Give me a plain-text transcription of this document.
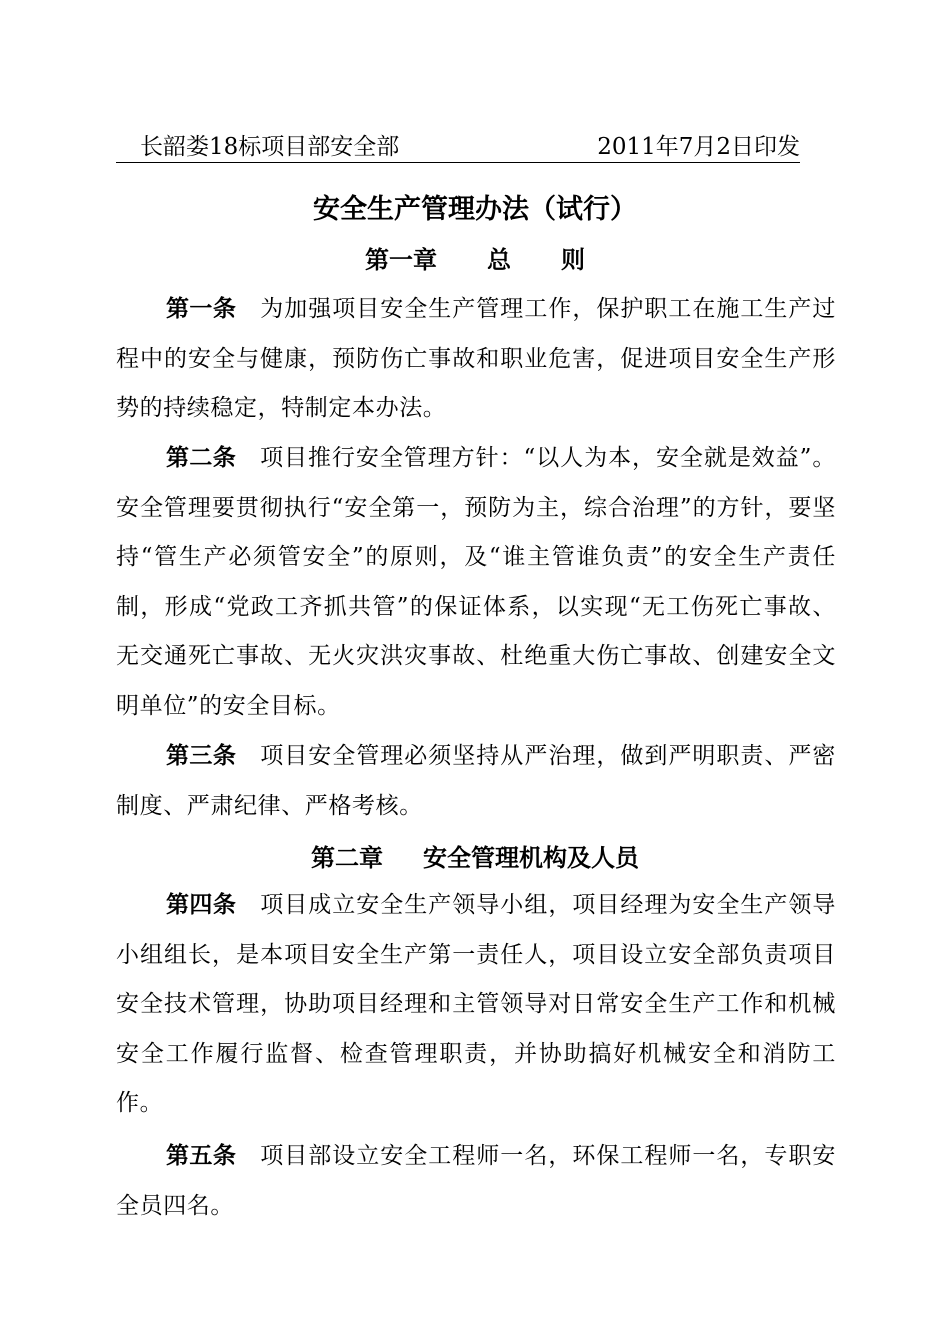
长韶娄18标项目部安全部	2011年7月2日印发
安全生产管理办法（试行）
第一章 总 则

第一条 为加强项目安全生产管理工作，保护职工在施工生产过程中的安全与健康，预防伤亡事故和职业危害，促进项目安全生产形势的持续稳定，特制定本办法。

第二条 项目推行安全管理方针：“以人为本，安全就是效益”。安全管理要贯彻执行“安全第一，预防为主，综合治理”的方针，要坚持“管生产必须管安全”的原则，及“谁主管谁负责”的安全生产责任制，形成“党政工齐抓共管”的保证体系，以实现“无工伤死亡事故、无交通死亡事故、无火灾洪灾事故、杜绝重大伤亡事故、创建安全文明单位”的安全目标。

第三条 项目安全管理必须坚持从严治理，做到严明职责、严密制度、严肃纪律、严格考核。

第二章 安全管理机构及人员

第四条 项目成立安全生产领导小组，项目经理为安全生产领导小组组长，是本项目安全生产第一责任人，项目设立安全部负责项目安全技术管理，协助项目经理和主管领导对日常安全生产工作和机械安全工作履行监督、检查管理职责，并协助搞好机械安全和消防工作。

第五条 项目部设立安全工程师一名，环保工程师一名，专职安全员四名。
